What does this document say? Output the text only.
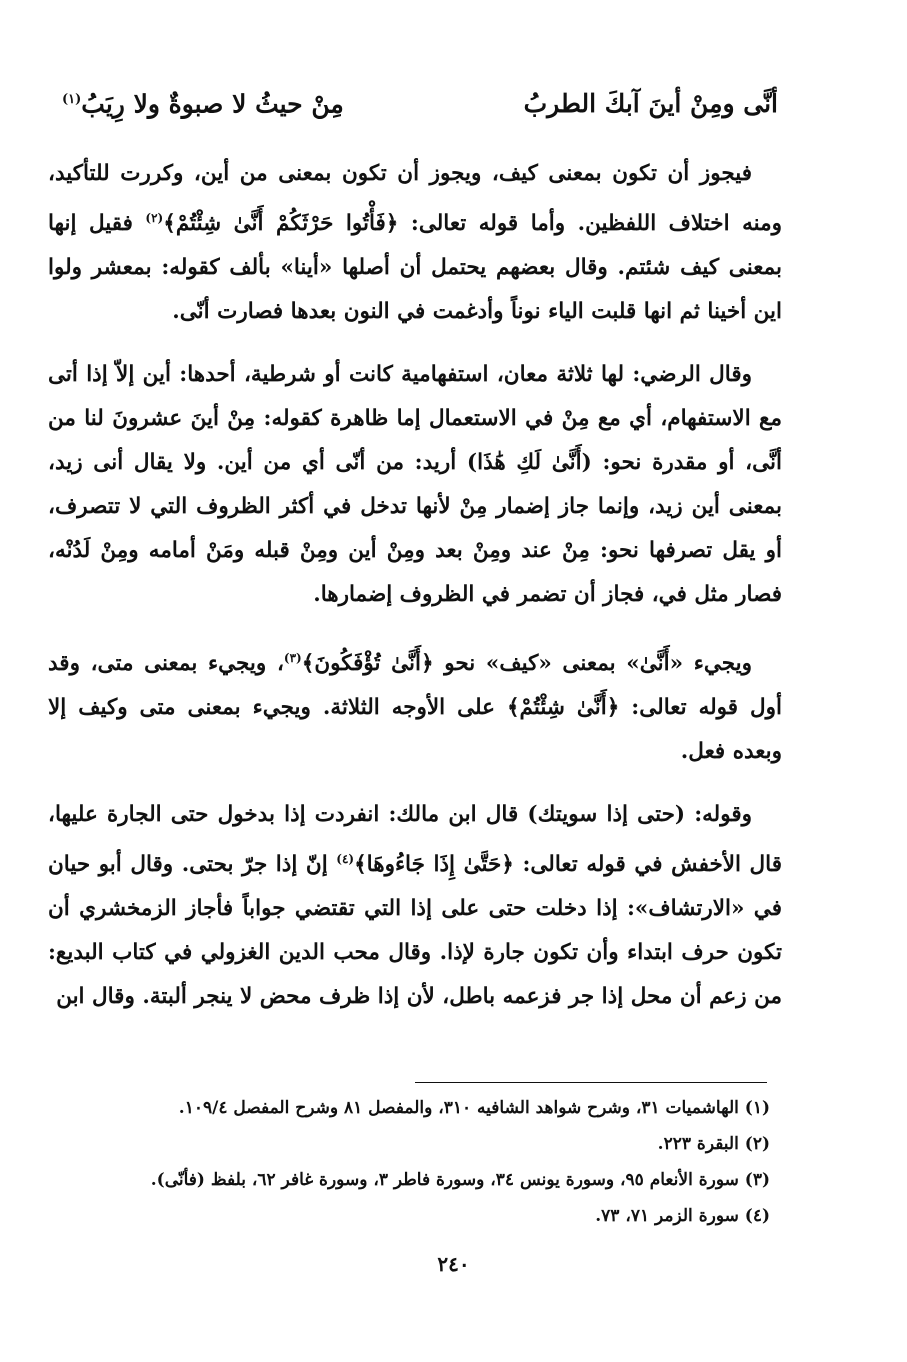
أنَّى ومِنْ أينَ آبكَ الطربُ
مِنْ حيثُ لا صبوةٌ ولا رِيَبُ$^{(١)}$

فيجوز أن تكون بمعنى كيف، ويجوز أن تكون بمعنى من أين، وكررت للتأكيد، ومنه اختلاف اللفظين. وأما قوله تعالى: ﴿فَأْتُوا حَرْثَكُمْ أَنَّىٰ شِئْتُمْ﴾$^{(٢)}$ فقيل إنها بمعنى كيف شئتم. وقال بعضهم يحتمل أن أصلها «أينا» بألف كقوله: بمعشر ولوا اين أخينا ثم انها قلبت الياء نوناً وأدغمت في النون بعدها فصارت أنّى.

وقال الرضي: لها ثلاثة معان، استفهامية كانت أو شرطية، أحدها: أين إلاّ إذا أتى مع الاستفهام، أي مع مِنْ في الاستعمال إما ظاهرة كقوله: مِنْ أينَ عشرونَ لنا من أنَّى، أو مقدرة نحو: (أَنَّىٰ لَكِ هَٰذَا) أريد: من أنّى أي من أين. ولا يقال أنى زيد، بمعنى أين زيد، وإنما جاز إضمار مِنْ لأنها تدخل في أكثر الظروف التي لا تتصرف، أو يقل تصرفها نحو: مِنْ عند ومِنْ بعد ومِنْ أين ومِنْ قبله ومَنْ أمامه ومِنْ لَدُنْه، فصار مثل في، فجاز أن تضمر في الظروف إضمارها.

ويجيء «أَنَّىٰ» بمعنى «كيف» نحو ﴿أَنَّىٰ تُؤْفَكُونَ﴾$^{(٣)}$، ويجيء بمعنى متى، وقد أول قوله تعالى: ﴿أَنَّىٰ شِئْتُمْ﴾ على الأوجه الثلاثة. ويجيء بمعنى متى وكيف إلا وبعده فعل.

وقوله: (حتى إذا سويتك) قال ابن مالك: انفردت إذا بدخول حتى الجارة عليها، قال الأخفش في قوله تعالى: ﴿حَتَّىٰ إِذَا جَاءُوهَا﴾$^{(٤)}$ إنّ إذا جرّ بحتى. وقال أبو حيان في «الارتشاف»: إذا دخلت حتى على إذا التي تقتضي جواباً فأجاز الزمخشري أن تكون حرف ابتداء وأن تكون جارة لإذا. وقال محب الدين الغزولي في كتاب البديع: من زعم أن محل إذا جر فزعمه باطل، لأن إذا ظرف محض لا ينجر ألبتة. وقال ابن

(١) الهاشميات ٣١، وشرح شواهد الشافيه ٣١٠، والمفصل ٨١ وشرح المفصل ١٠٩/٤.
(٢) البقرة ٢٢٣.
(٣) سورة الأنعام ٩٥، وسورة يونس ٣٤، وسورة فاطر ٣، وسورة غافر ٦٢، بلفظ (فأنّى).
(٤) سورة الزمر ٧١، ٧٣.
٢٤٠
